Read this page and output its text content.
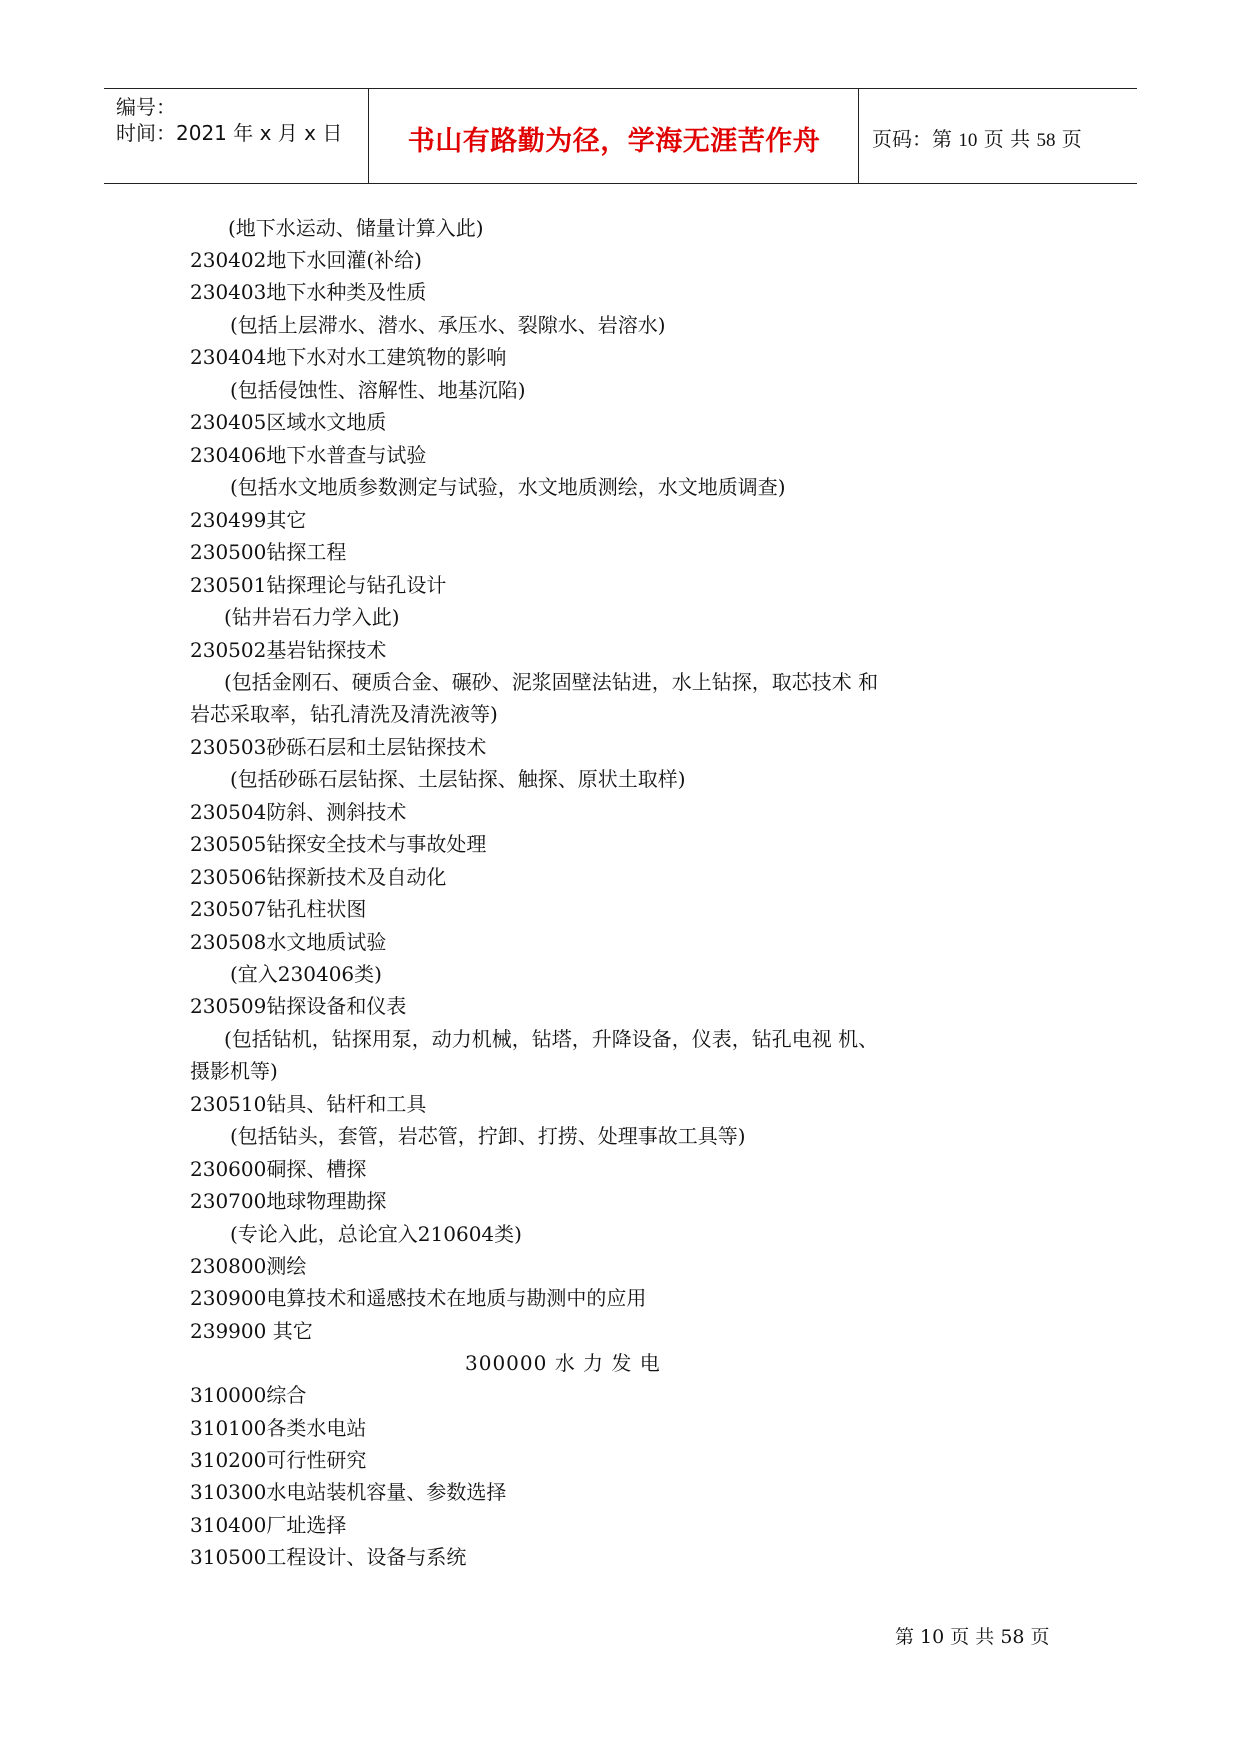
编号：
时间：2021 年 x 月 x 日	书山有路勤为径，学海无涯苦作舟	页码：第 10 页 共 58 页
(地下水运动、储量计算入此)
230402地下水回灌(补给)
230403地下水种类及性质
(包括上层滞水、潜水、承压水、裂隙水、岩溶水)
230404地下水对水工建筑物的影响
(包括侵蚀性、溶解性、地基沉陷)
230405区域水文地质
230406地下水普查与试验
(包括水文地质参数测定与试验，水文地质测绘，水文地质调查)
230499其它
230500钻探工程
230501钻探理论与钻孔设计
(钻井岩石力学入此)
230502基岩钻探技术
(包括金刚石、硬质合金、碾砂、泥浆固壁法钻进，水上钻探，取芯技术 和
岩芯采取率，钻孔清洗及清洗液等)
230503砂砾石层和土层钻探技术
(包括砂砾石层钻探、土层钻探、触探、原状土取样)
230504防斜、测斜技术
230505钻探安全技术与事故处理
230506钻探新技术及自动化
230507钻孔柱状图
230508水文地质试验
(宜入230406类)
230509钻探设备和仪表
(包括钻机，钻探用泵，动力机械，钻塔，升降设备，仪表，钻孔电视 机、
摄影机等)
230510钻具、钻杆和工具
(包括钻头，套管，岩芯管，拧卸、打捞、处理事故工具等)
230600硐探、槽探
230700地球物理勘探
(专论入此，总论宜入210604类)
230800测绘
230900电算技术和遥感技术在地质与勘测中的应用
239900 其它
300000 水 力 发 电
310000综合
310100各类水电站
310200可行性研究
310300水电站装机容量、参数选择
310400厂址选择
310500工程设计、设备与系统
第 10 页 共 58 页
